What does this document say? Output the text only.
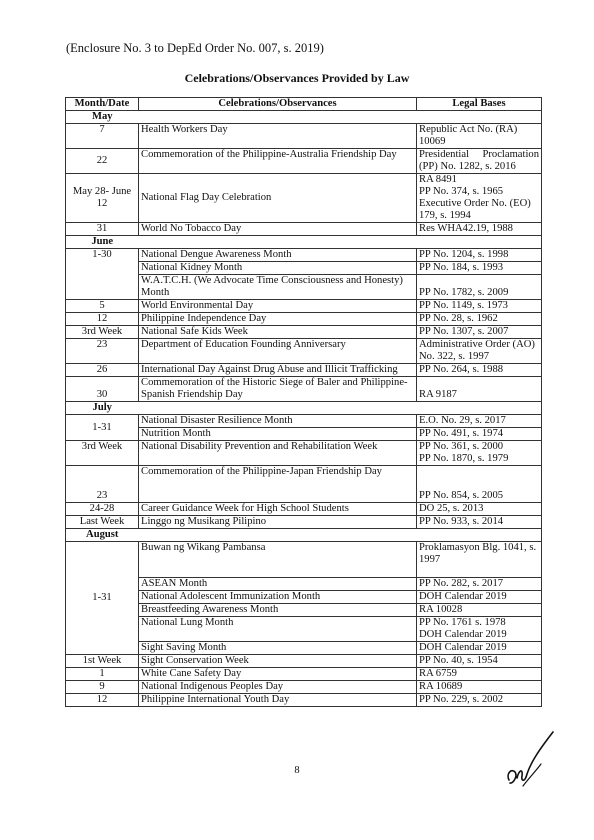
(Enclosure No. 3 to DepEd Order No. 007, s. 2019)
Celebrations/Observances Provided by Law
Month/Date	Celebrations/Observances	Legal Bases
May		
7	Health Workers Day	Republic Act No. (RA) 10069
22	Commemoration of the Philippine-Australia Friendship Day	Presidential Proclamation (PP) No. 1282, s. 2016
May 28- June 12	National Flag Day Celebration	RA 8491
PP No. 374, s. 1965
Executive Order No. (EO) 179, s. 1994

31	World No Tobacco Day	Res WHA42.19, 1988
June		
1-30	National Dengue Awareness Month	PP No. 1204, s. 1998
	National Kidney Month	PP No. 184, s. 1993
	W.A.T.C.H. (We Advocate Time Consciousness and Honesty) Month	PP No. 1782, s. 2009
5	World Environmental Day	PP No. 1149, s. 1973
12	Philippine Independence Day	PP No. 28, s. 1962
3rd Week	National Safe Kids Week	PP No. 1307, s. 2007
23	Department of Education Founding Anniversary	Administrative Order (AO) No. 322, s. 1997
26	International Day Against Drug Abuse and Illicit Trafficking	PP No. 264, s. 1988
30	Commemoration of the Historic Siege of Baler and Philippine-Spanish Friendship Day	RA 9187
July		
1-31	National Disaster Resilience Month	E.O. No. 29, s. 2017
	Nutrition Month	PP No. 491, s. 1974
3rd Week	National Disability Prevention and Rehabilitation Week	PP No. 361, s. 2000
PP No. 1870, s. 1979

23	Commemoration of the Philippine-Japan Friendship Day	PP No. 854, s. 2005
24-28	Career Guidance Week for High School Students	DO 25, s. 2013
Last Week	Linggo ng Musikang Pilipino	PP No. 933, s. 2014
August		
1-31	Buwan ng Wikang Pambansa	Proklamasyon Blg. 1041, s. 1997
	ASEAN Month	PP No. 282, s. 2017
	National Adolescent Immunization Month	DOH Calendar 2019
	Breastfeeding Awareness Month	RA 10028
	National Lung Month	PP No. 1761 s. 1978
DOH Calendar 2019

	Sight Saving Month	DOH Calendar 2019
1st Week	Sight Conservation Week	PP No. 40, s. 1954
1	White Cane Safety Day	RA 6759
9	National Indigenous Peoples Day	RA 10689
12	Philippine International Youth Day	PP No. 229, s. 2002
8
